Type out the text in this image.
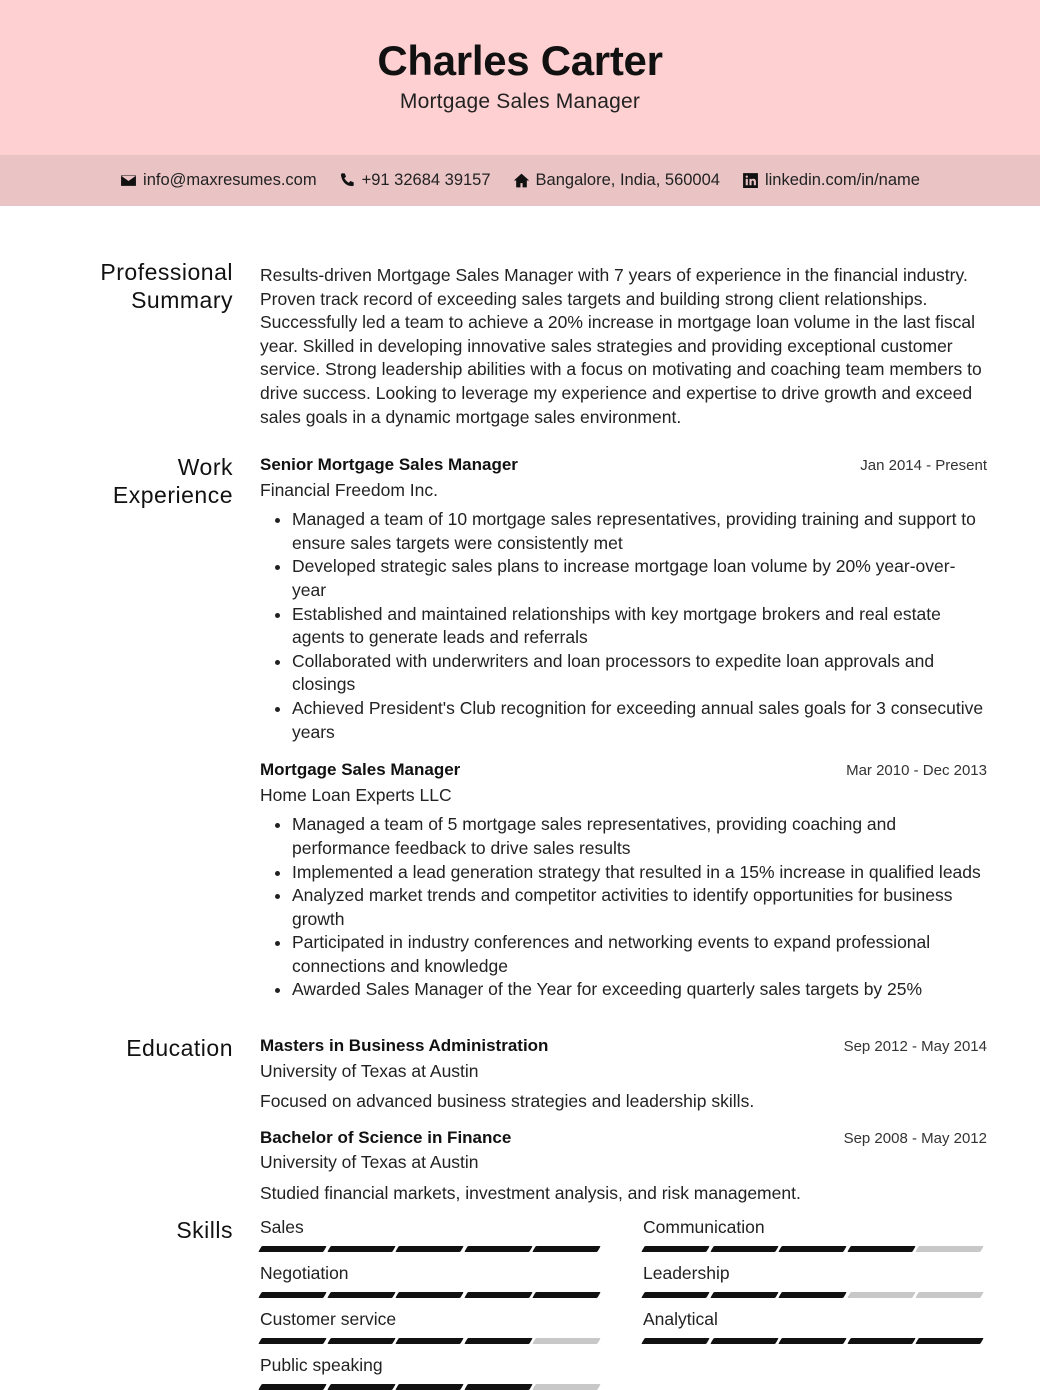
Charles Carter
Mortgage Sales Manager
info@maxresumes.com	+91 32684 39157	Bangalore, India, 560004	linkedin.com/in/name
Professional
Summary
Results-driven Mortgage Sales Manager with 7 years of experience in the financial industry. Proven track record of exceeding sales targets and building strong client relationships. Successfully led a team to achieve a 20% increase in mortgage loan volume in the last fiscal year. Skilled in developing innovative sales strategies and providing exceptional customer service. Strong leadership abilities with a focus on motivating and coaching team members to drive success. Looking to leverage my experience and expertise to drive growth and exceed sales goals in a dynamic mortgage sales environment.
Work
Experience
Senior Mortgage Sales Manager	Jan 2014 - Present
Financial Freedom Inc.
• Managed a team of 10 mortgage sales representatives, providing training and support to ensure sales targets were consistently met
• Developed strategic sales plans to increase mortgage loan volume by 20% year-over-year
• Established and maintained relationships with key mortgage brokers and real estate agents to generate leads and referrals
• Collaborated with underwriters and loan processors to expedite loan approvals and closings
• Achieved President's Club recognition for exceeding annual sales goals for 3 consecutive years
Mortgage Sales Manager	Mar 2010 - Dec 2013
Home Loan Experts LLC
• Managed a team of 5 mortgage sales representatives, providing coaching and performance feedback to drive sales results
• Implemented a lead generation strategy that resulted in a 15% increase in qualified leads
• Analyzed market trends and competitor activities to identify opportunities for business growth
• Participated in industry conferences and networking events to expand professional connections and knowledge
• Awarded Sales Manager of the Year for exceeding quarterly sales targets by 25%
Education Masters in Business Administration	Sep 2012 - May 2014
University of Texas at Austin
Focused on advanced business strategies and leadership skills.
Bachelor of Science in Finance	Sep 2008 - May 2012
University of Texas at Austin
Studied financial markets, investment analysis, and risk management.
Skills Sales	Communication
Negotiation	Leadership
Customer service	Analytical
Public speaking
